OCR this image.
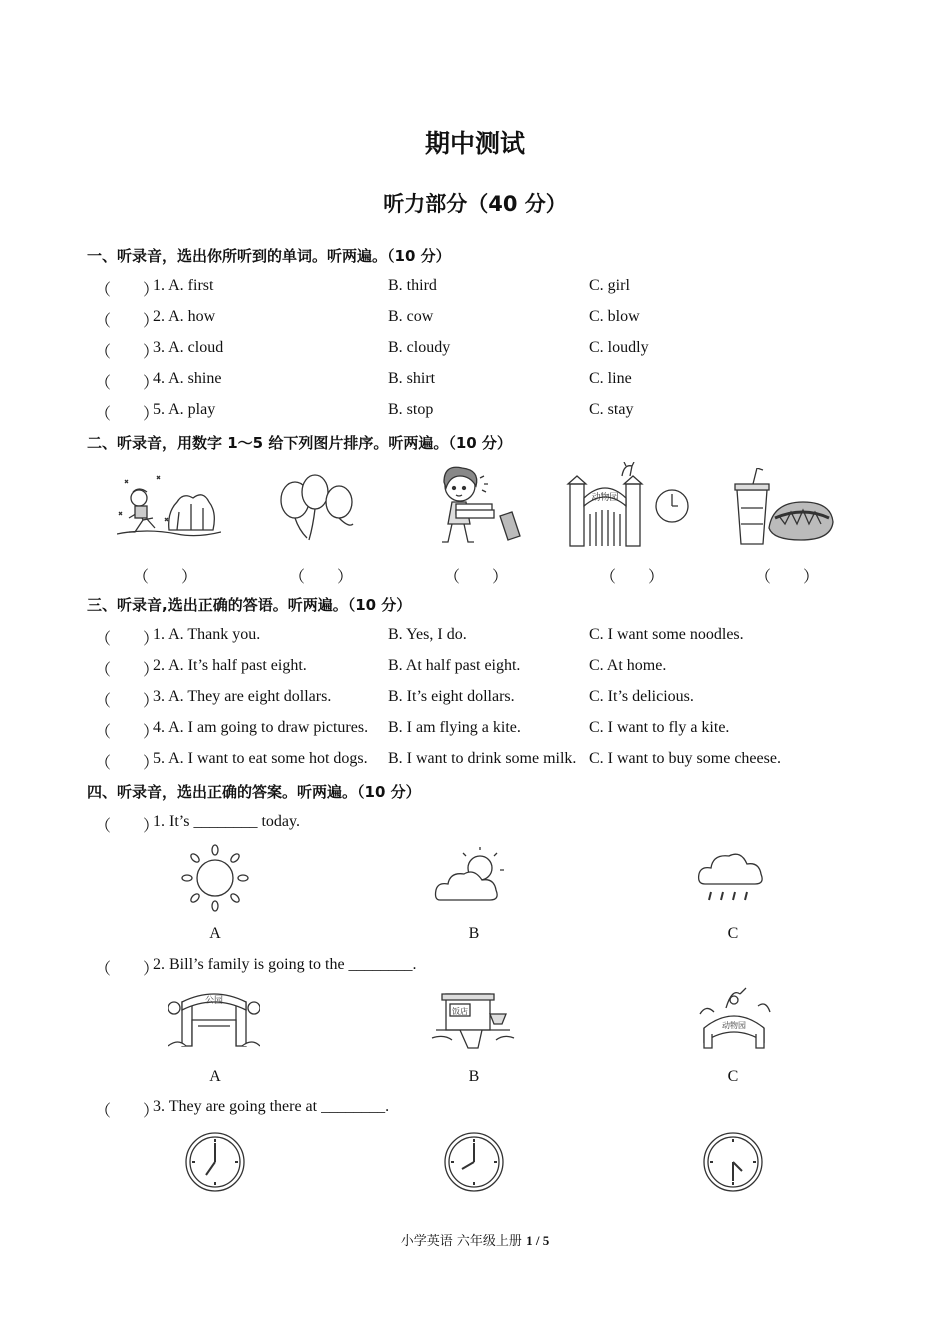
期中测试
听力部分（40 分）
一、听录音，选出你所听到的单词。听两遍。（10 分）
（　　）
1. A. first	B. third	C. girl
（　　）
2. A. how	B. cow	C. blow
（　　）
3. A. cloud	B. cloudy	C. loudly
（　　）
4. A. shine	B. shirt	C. line
（　　）
5. A. play	B. stop	C. stay
二、听录音，用数字 1～5 给下列图片排序。听两遍。（10 分）
动物园
（　　）	（　　）	（　　）	（　　）	（　　）
三、听录音,选出正确的答语。听两遍。（10 分）
（　　）
1. A. Thank you.	B. Yes, I do.	C. I want some noodles.
（　　）
2. A. It’s half past eight.	B. At half past eight.	C. At home.
（　　）
3. A. They are eight dollars.	B. It’s eight dollars.	C. It’s delicious.
（　　）
4. A. I am going to draw pictures. B. I am flying a kite.	C. I want to fly a kite.
（　　）
5. A. I want to eat some hot dogs. B. I want to drink some milk. C. I want to buy some cheese.
四、听录音，选出正确的答案。听两遍。（10 分）
（　　）
1. It’s ________ today.
A	B	C
（　　）
2. Bill’s family is going to the ________.
公园
饭店
动物园
A	B	C
（　　）
3. They are going there at ________.
小学英语 六年级上册 1 / 5
